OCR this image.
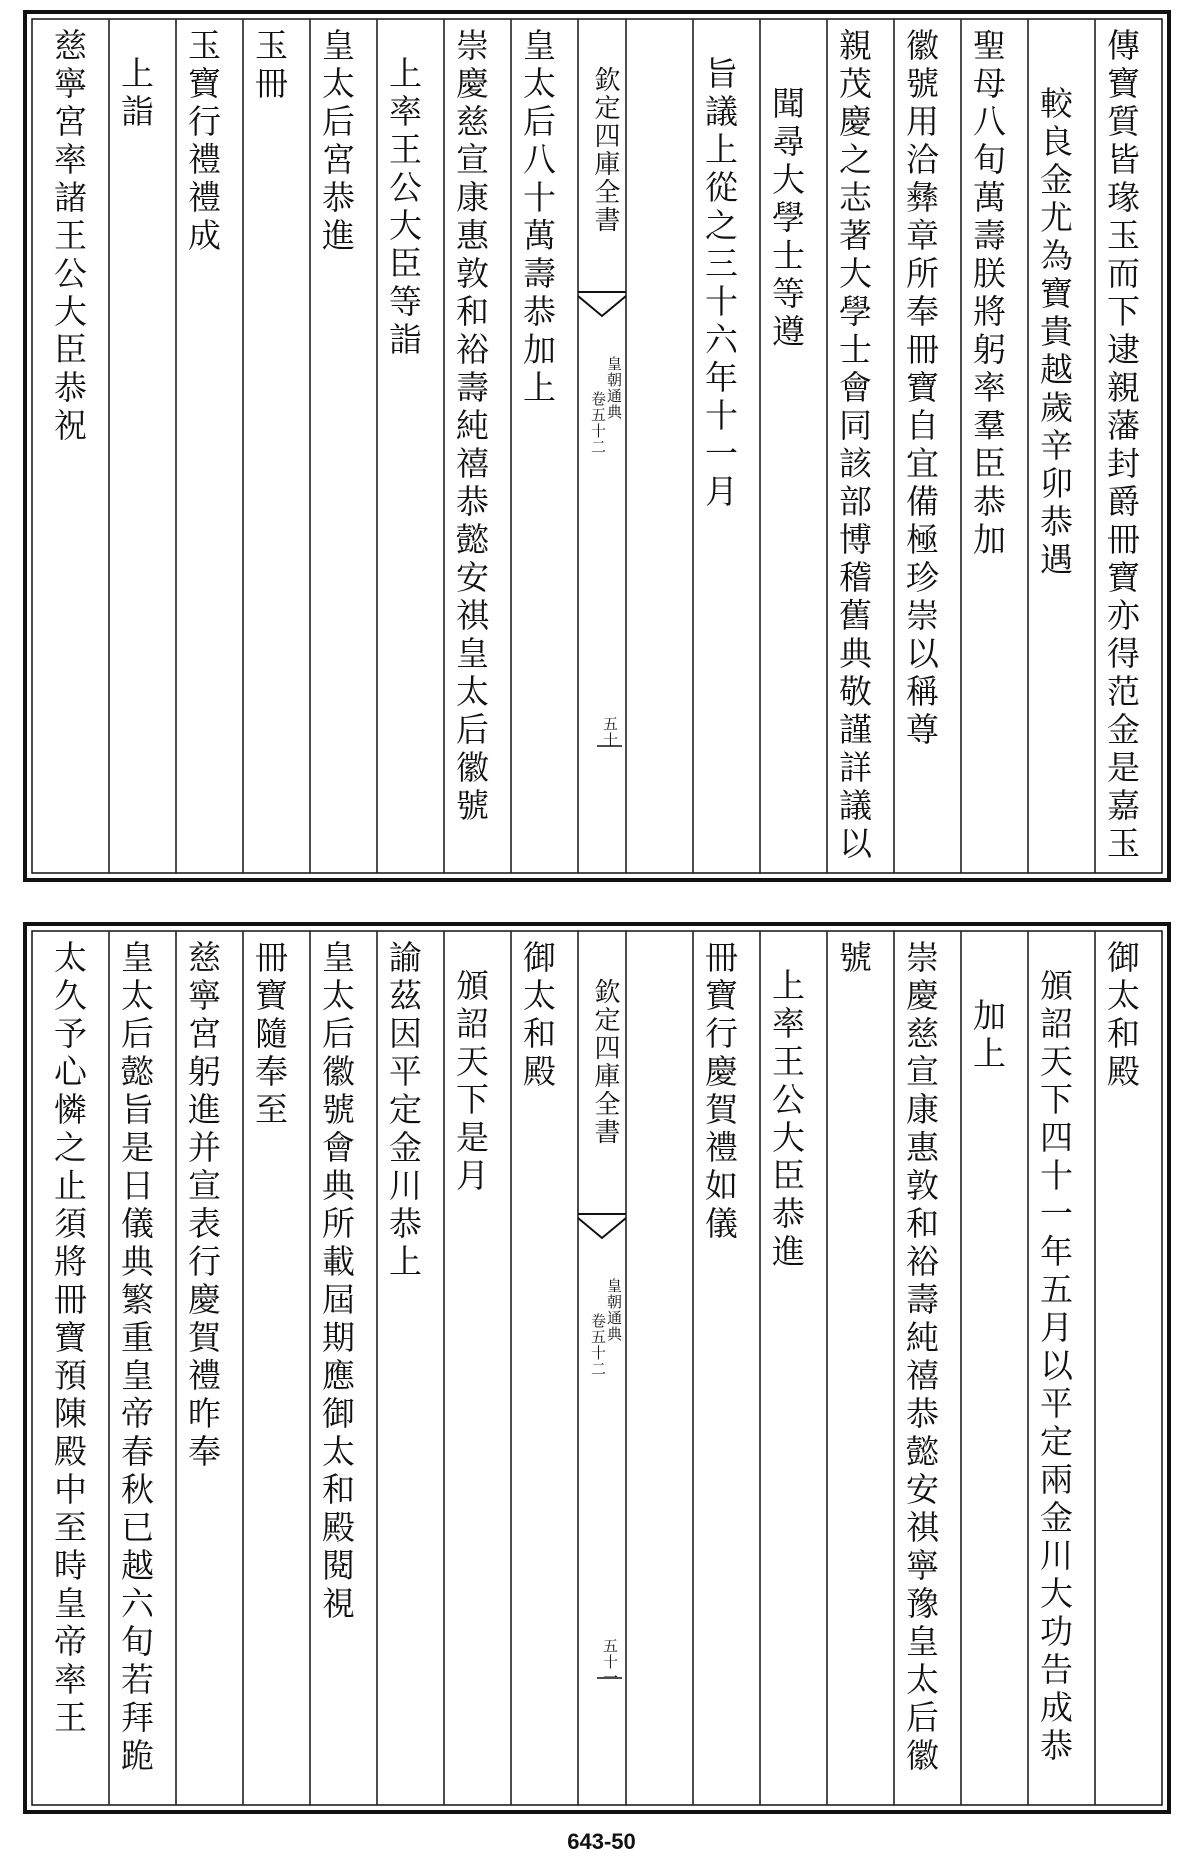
傳寶質皆瑑玉而下逮親藩封爵冊寶亦得范金是嘉玉
較良金尤為寶貴越歲辛卯恭遇
聖母八旬萬壽朕將躬率羣臣恭加
徽號用洽彝章所奉冊寶自宜備極珍崇以稱尊
親茂慶之志著大學士會同該部博稽舊典敬謹詳議以
聞尋大學士等遵
旨議上從之三十六年十一月
欽定四庫全書
皇朝通典
卷五十二
五十
皇太后八十萬壽恭加上
崇慶慈宣康惠敦和裕壽純禧恭懿安祺皇太后徽號
上率王公大臣等詣
皇太后宮恭進
玉冊
玉寶行禮禮成
上詣
慈寧宮率諸王公大臣恭祝
御太和殿
頒詔天下四十一年五月以平定兩金川大功告成恭
加上
崇慶慈宣康惠敦和裕壽純禧恭懿安祺寧豫皇太后徽
號
上率王公大臣恭進
冊寶行慶賀禮如儀
欽定四庫全書
皇朝通典
卷五十二
五十一
御太和殿
頒詔天下是月
諭茲因平定金川恭上
皇太后徽號會典所載屆期應御太和殿閱視
冊寶隨奉至
慈寧宮躬進并宣表行慶賀禮昨奉
皇太后懿旨是日儀典繁重皇帝春秋已越六旬若拜跪
太久予心憐之止須將冊寶預陳殿中至時皇帝率王
643-50
